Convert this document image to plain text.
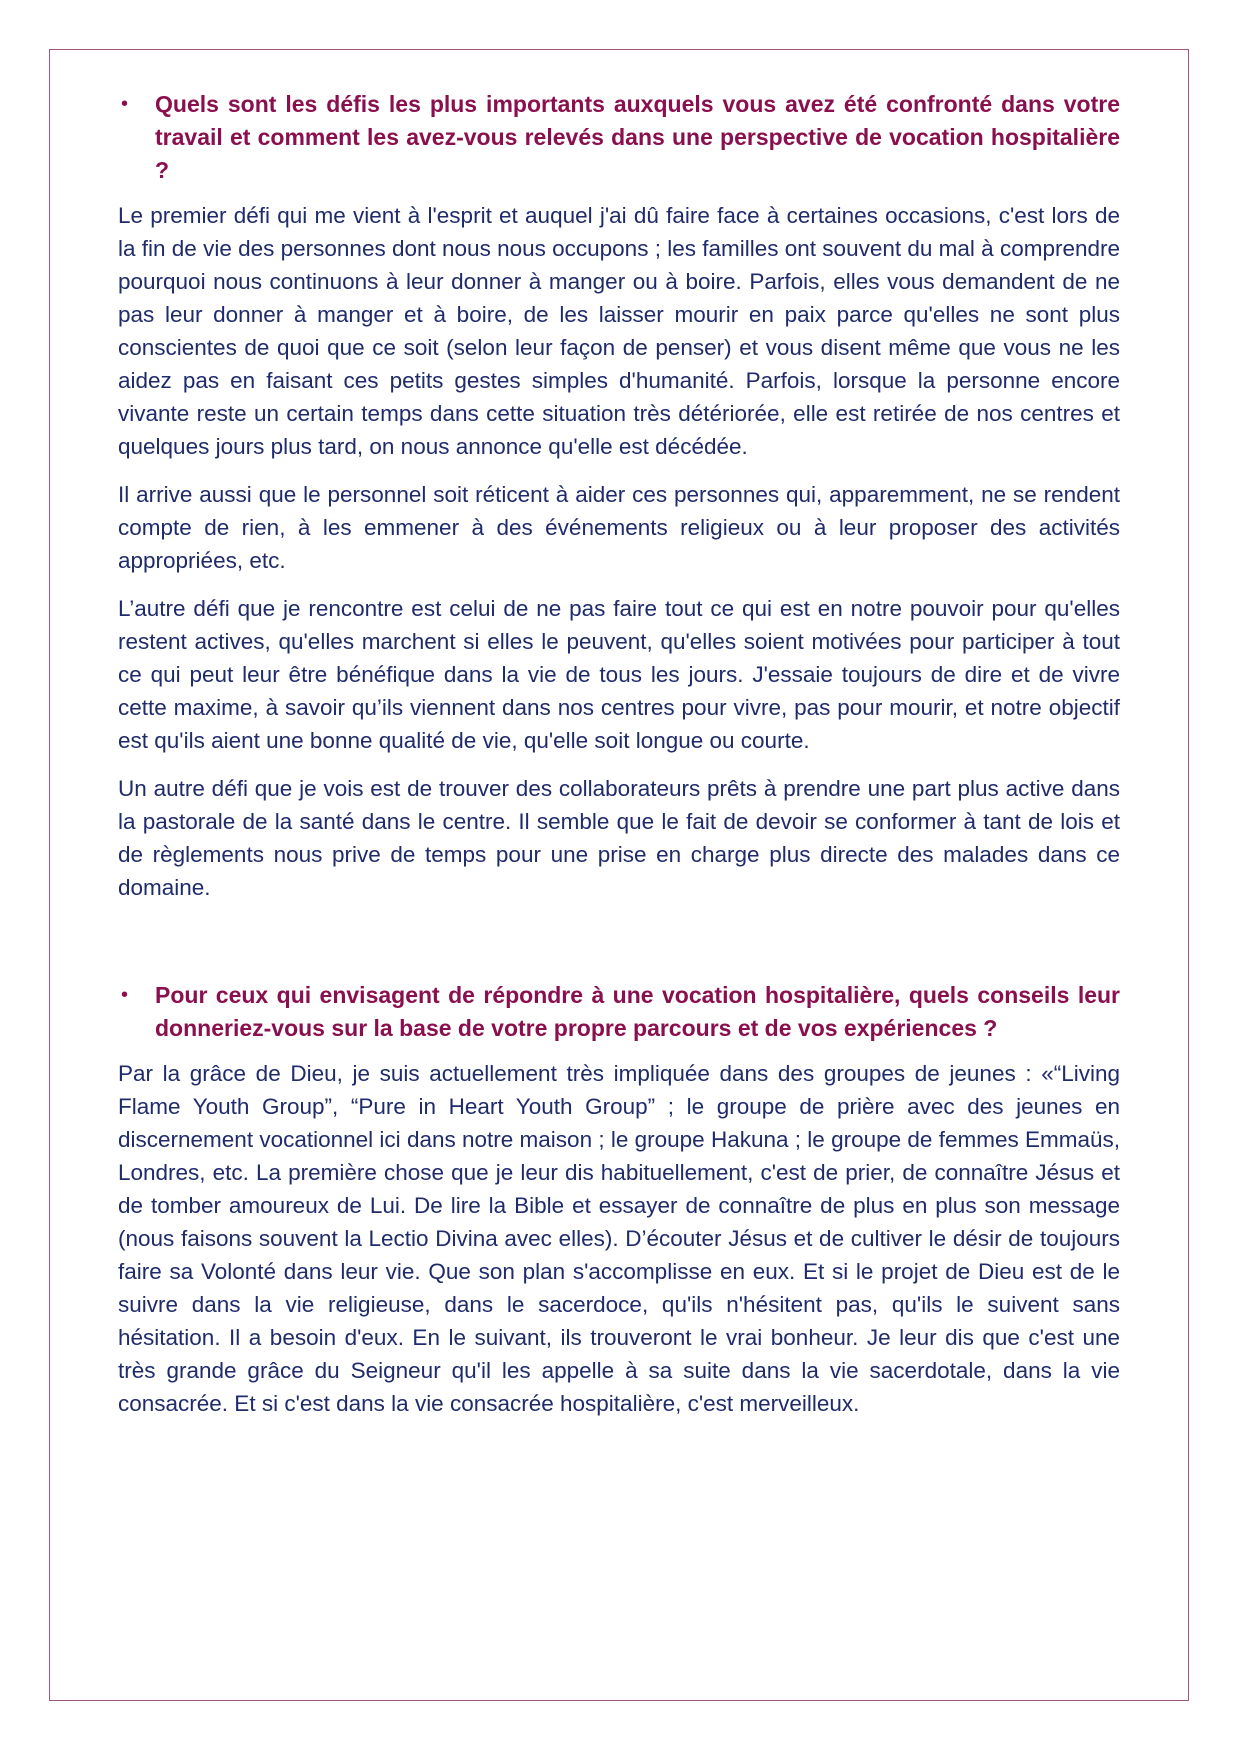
• Quels sont les défis les plus importants auxquels vous avez été confronté dans votre travail et comment les avez-vous relevés dans une perspective de vocation hospitalière ?

Le premier défi qui me vient à l'esprit et auquel j'ai dû faire face à certaines occasions, c'est lors de la fin de vie des personnes dont nous nous occupons ; les familles ont souvent du mal à comprendre pourquoi nous continuons à leur donner à manger ou à boire. Parfois, elles vous demandent de ne pas leur donner à manger et à boire, de les laisser mourir en paix parce qu'elles ne sont plus conscientes de quoi que ce soit (selon leur façon de penser) et vous disent même que vous ne les aidez pas en faisant ces petits gestes simples d'humanité. Parfois, lorsque la personne encore vivante reste un certain temps dans cette situation très détériorée, elle est retirée de nos centres et quelques jours plus tard, on nous annonce qu'elle est décédée.

Il arrive aussi que le personnel soit réticent à aider ces personnes qui, apparemment, ne se rendent compte de rien, à les emmener à des événements religieux ou à leur proposer des activités appropriées, etc.

L’autre défi que je rencontre est celui de ne pas faire tout ce qui est en notre pouvoir pour qu'elles restent actives, qu'elles marchent si elles le peuvent, qu'elles soient motivées pour participer à tout ce qui peut leur être bénéfique dans la vie de tous les jours. J'essaie toujours de dire et de vivre cette maxime, à savoir qu’ils viennent dans nos centres pour vivre, pas pour mourir, et notre objectif est qu'ils aient une bonne qualité de vie, qu'elle soit longue ou courte.

Un autre défi que je vois est de trouver des collaborateurs prêts à prendre une part plus active dans la pastorale de la santé dans le centre. Il semble que le fait de devoir se conformer à tant de lois et de règlements nous prive de temps pour une prise en charge plus directe des malades dans ce domaine.

• Pour ceux qui envisagent de répondre à une vocation hospitalière, quels conseils leur donneriez-vous sur la base de votre propre parcours et de vos expériences ?

Par la grâce de Dieu, je suis actuellement très impliquée dans des groupes de jeunes : «“Living Flame Youth Group”, “Pure in Heart Youth Group” ; le groupe de prière avec des jeunes en discernement vocationnel ici dans notre maison ; le groupe Hakuna ; le groupe de femmes Emmaüs, Londres, etc. La première chose que je leur dis habituellement, c'est de prier, de connaître Jésus et de tomber amoureux de Lui. De lire la Bible et essayer de connaître de plus en plus son message (nous faisons souvent la Lectio Divina avec elles). D’écouter Jésus et de cultiver le désir de toujours faire sa Volonté dans leur vie. Que son plan s'accomplisse en eux. Et si le projet de Dieu est de le suivre dans la vie religieuse, dans le sacerdoce, qu'ils n'hésitent pas, qu'ils le suivent sans hésitation. Il a besoin d'eux. En le suivant, ils trouveront le vrai bonheur. Je leur dis que c'est une très grande grâce du Seigneur qu'il les appelle à sa suite dans la vie sacerdotale, dans la vie consacrée. Et si c'est dans la vie consacrée hospitalière, c'est merveilleux.
